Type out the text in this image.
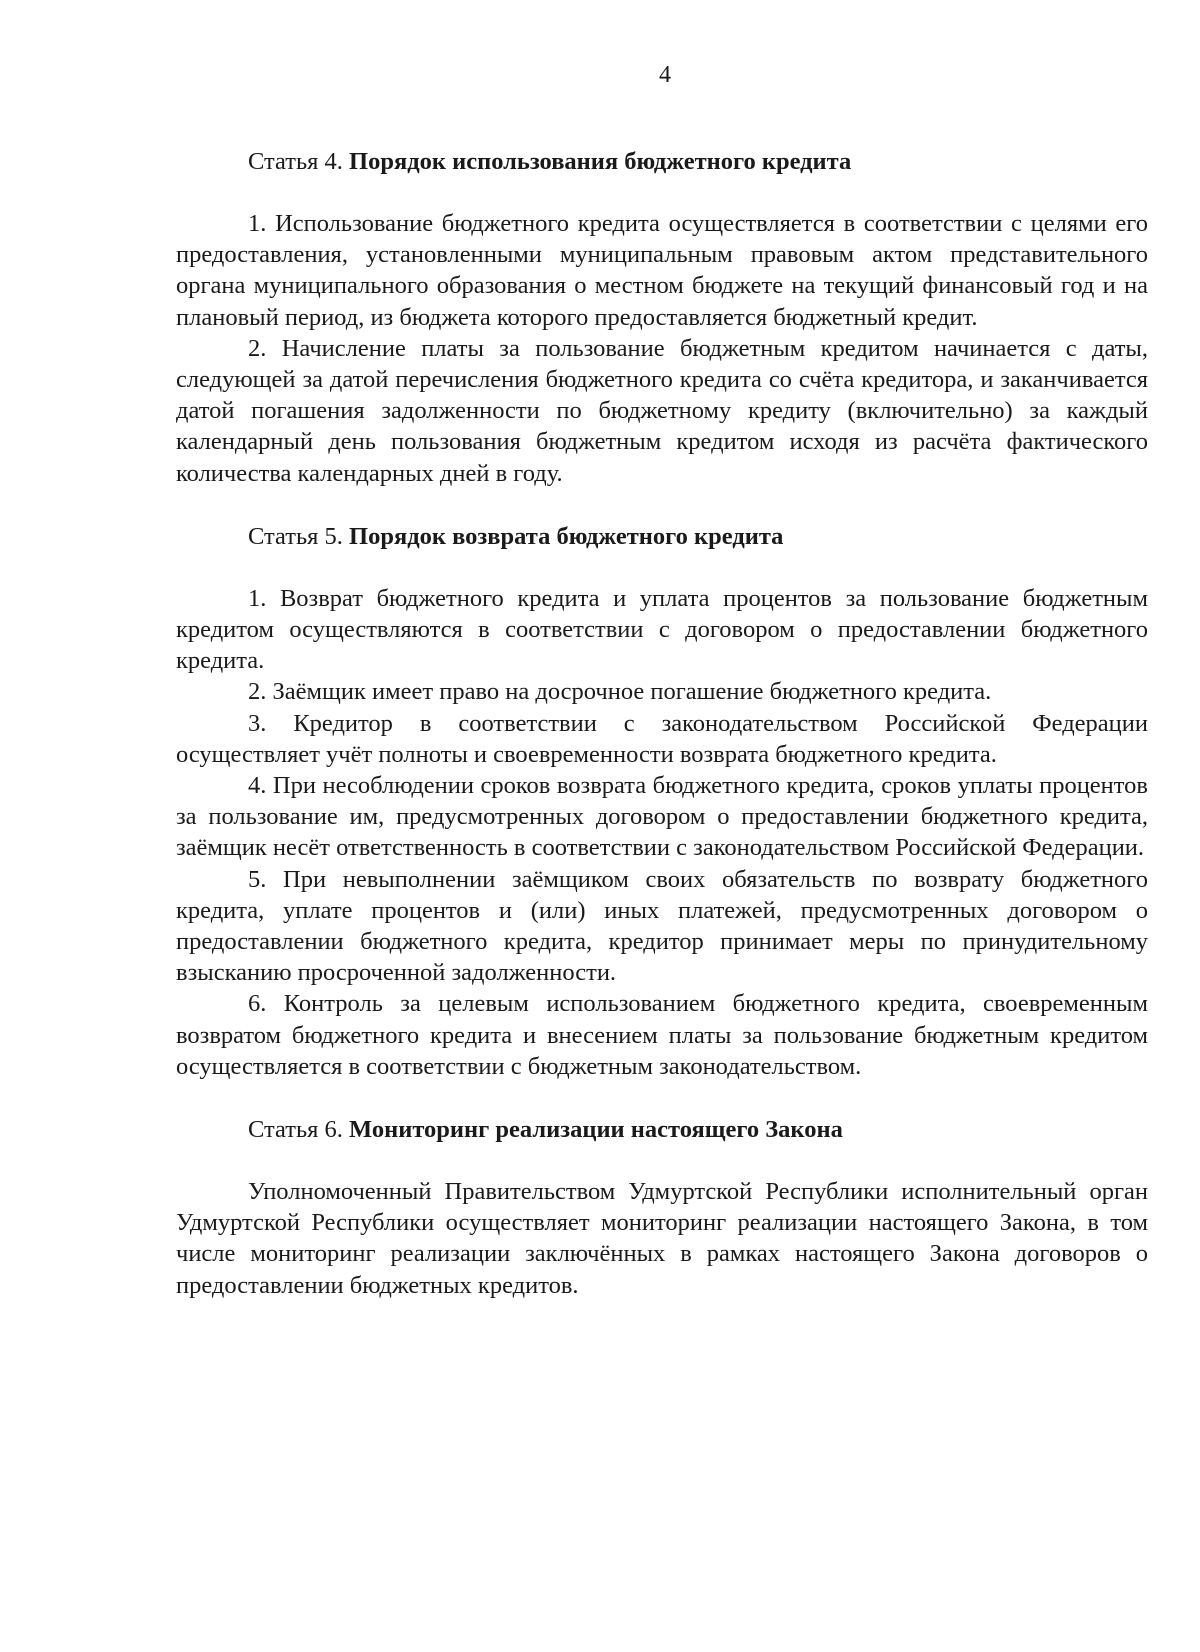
4
Статья 4. Порядок использования бюджетного кредита

1. Использование бюджетного кредита осуществляется в соответствии с целями его предоставления, установленными муниципальным правовым актом представительного органа муниципального образования о местном бюджете на текущий финансовый год и на плановый период, из бюджета которого предоставляется бюджетный кредит.

2. Начисление платы за пользование бюджетным кредитом начинается с даты, следующей за датой перечисления бюджетного кредита со счёта кредитора, и заканчивается датой погашения задолженности по бюджетному кредиту (включительно) за каждый календарный день пользования бюджетным кредитом исходя из расчёта фактического количества календарных дней в году.

Статья 5. Порядок возврата бюджетного кредита

1. Возврат бюджетного кредита и уплата процентов за пользование бюджетным кредитом осуществляются в соответствии с договором о предоставлении бюджетного кредита.

2. Заёмщик имеет право на досрочное погашение бюджетного кредита.

3. Кредитор в соответствии с законодательством Российской Федерации осуществляет учёт полноты и своевременности возврата бюджетного кредита.

4. При несоблюдении сроков возврата бюджетного кредита, сроков уплаты процентов за пользование им, предусмотренных договором о предоставлении бюджетного кредита, заёмщик несёт ответственность в соответствии с законодательством Российской Федерации.

5. При невыполнении заёмщиком своих обязательств по возврату бюджетного кредита, уплате процентов и (или) иных платежей, предусмотренных договором о предоставлении бюджетного кредита, кредитор принимает меры по принудительному взысканию просроченной задолженности.

6. Контроль за целевым использованием бюджетного кредита, своевременным возвратом бюджетного кредита и внесением платы за пользование бюджетным кредитом осуществляется в соответствии с бюджетным законодательством.

Статья 6. Мониторинг реализации настоящего Закона

Уполномоченный Правительством Удмуртской Республики исполнительный орган Удмуртской Республики осуществляет мониторинг реализации настоящего Закона, в том числе мониторинг реализации заключённых в рамках настоящего Закона договоров о предоставлении бюджетных кредитов.
